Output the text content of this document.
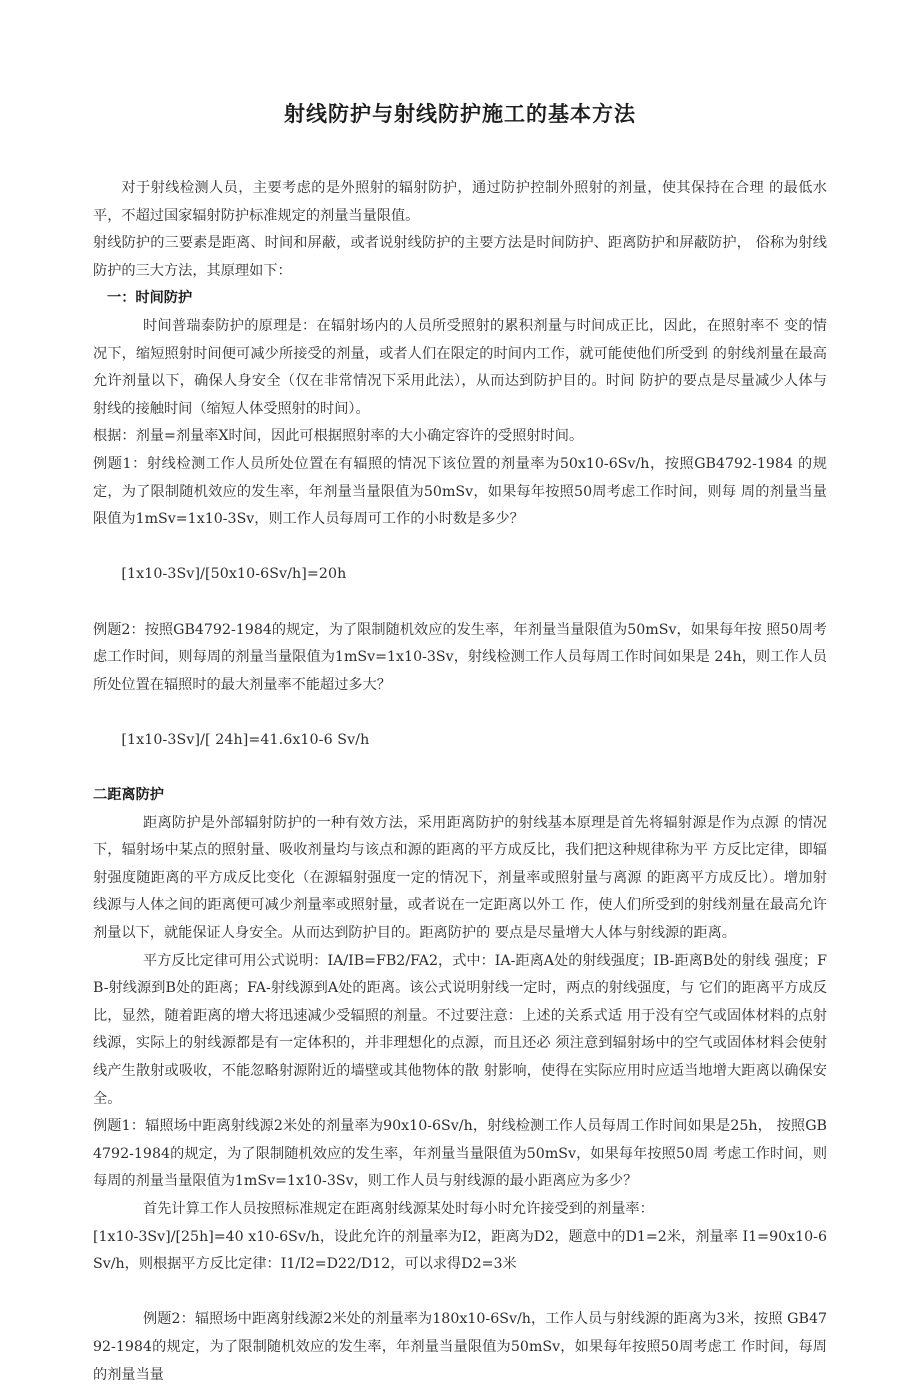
射线防护与射线防护施工的基本方法

对于射线检测人员，主要考虑的是外照射的辐射防护，通过防护控制外照射的剂量，使其保持在合理 的最低水平，不超过国家辐射防护标准规定的剂量当量限值。

射线防护的三要素是距离、时间和屏蔽，或者说射线防护的主要方法是时间防护、距离防护和屏蔽防护， 俗称为射线防护的三大方法，其原理如下：

一：时间防护

时间普瑞泰防护的原理是：在辐射场内的人员所受照射的累积剂量与时间成正比，因此，在照射率不 变的情况下，缩短照射时间便可减少所接受的剂量，或者人们在限定的时间内工作，就可能使他们所受到 的射线剂量在最高允许剂量以下，确保人身安全（仅在非常情况下采用此法），从而达到防护目的。时间 防护的要点是尽量减少人体与射线的接触时间（缩短人体受照射的时间）。

根据：剂量=剂量率X时间，因此可根据照射率的大小确定容许的受照射时间。

例题1：射线检测工作人员所处位置在有辐照的情况下该位置的剂量率为50x10-6Sv/h，按照GB4792-1984 的规定，为了限制随机效应的发生率，年剂量当量限值为50mSv，如果每年按照50周考虑工作时间，则每 周的剂量当量限值为1mSv=1x10-3Sv，则工作人员每周可工作的小时数是多少？

[1x10-3Sv]/[50x10-6Sv/h]=20h

例题2：按照GB4792-1984的规定，为了限制随机效应的发生率，年剂量当量限值为50mSv，如果每年按 照50周考虑工作时间，则每周的剂量当量限值为1mSv=1x10-3Sv，射线检测工作人员每周工作时间如果是 24h，则工作人员所处位置在辐照时的最大剂量率不能超过多大？

[1x10-3Sv]/[ 24h]=41.6x10-6 Sv/h

二距离防护

距离防护是外部辐射防护的一种有效方法，采用距离防护的射线基本原理是首先将辐射源是作为点源 的情况下，辐射场中某点的照射量、吸收剂量均与该点和源的距离的平方成反比，我们把这种规律称为平 方反比定律，即辐射强度随距离的平方成反比变化（在源辐射强度一定的情况下，剂量率或照射量与离源 的距离平方成反比）。增加射线源与人体之间的距离便可减少剂量率或照射量，或者说在一定距离以外工 作，使人们所受到的射线剂量在最高允许剂量以下，就能保证人身安全。从而达到防护目的。距离防护的 要点是尽量增大人体与射线源的距离。

平方反比定律可用公式说明：IA/IB=FB2/FA2，式中：IA-距离A处的射线强度；IB-距离B处的射线 强度；FB-射线源到B处的距离；FA-射线源到A处的距离。该公式说明射线一定时，两点的射线强度，与 它们的距离平方成反比，显然，随着距离的增大将迅速减少受辐照的剂量。不过要注意：上述的关系式适 用于没有空气或固体材料的点射线源，实际上的射线源都是有一定体积的，并非理想化的点源，而且还必 须注意到辐射场中的空气或固体材料会使射线产生散射或吸收，不能忽略射源附近的墙壁或其他物体的散 射影响，使得在实际应用时应适当地增大距离以确保安全。

例题1：辐照场中距离射线源2米处的剂量率为90x10-6Sv/h，射线检测工作人员每周工作时间如果是25h， 按照GB4792-1984的规定，为了限制随机效应的发生率，年剂量当量限值为50mSv，如果每年按照50周 考虑工作时间，则每周的剂量当量限值为1mSv=1x10-3Sv，则工作人员与射线源的最小距离应为多少？

首先计算工作人员按照标准规定在距离射线源某处时每小时允许接受到的剂量率：

[1x10-3Sv]/[25h]=40 x10-6Sv/h，设此允许的剂量率为I2，距离为D2，题意中的D1=2米，剂量率 I1=90x10-6Sv/h，则根据平方反比定律：I1/I2=D22/D12，可以求得D2=3米

例题2：辐照场中距离射线源2米处的剂量率为180x10-6Sv/h，工作人员与射线源的距离为3米，按照 GB4792-1984的规定，为了限制随机效应的发生率，年剂量当量限值为50mSv，如果每年按照50周考虑工 作时间，每周的剂量当量
